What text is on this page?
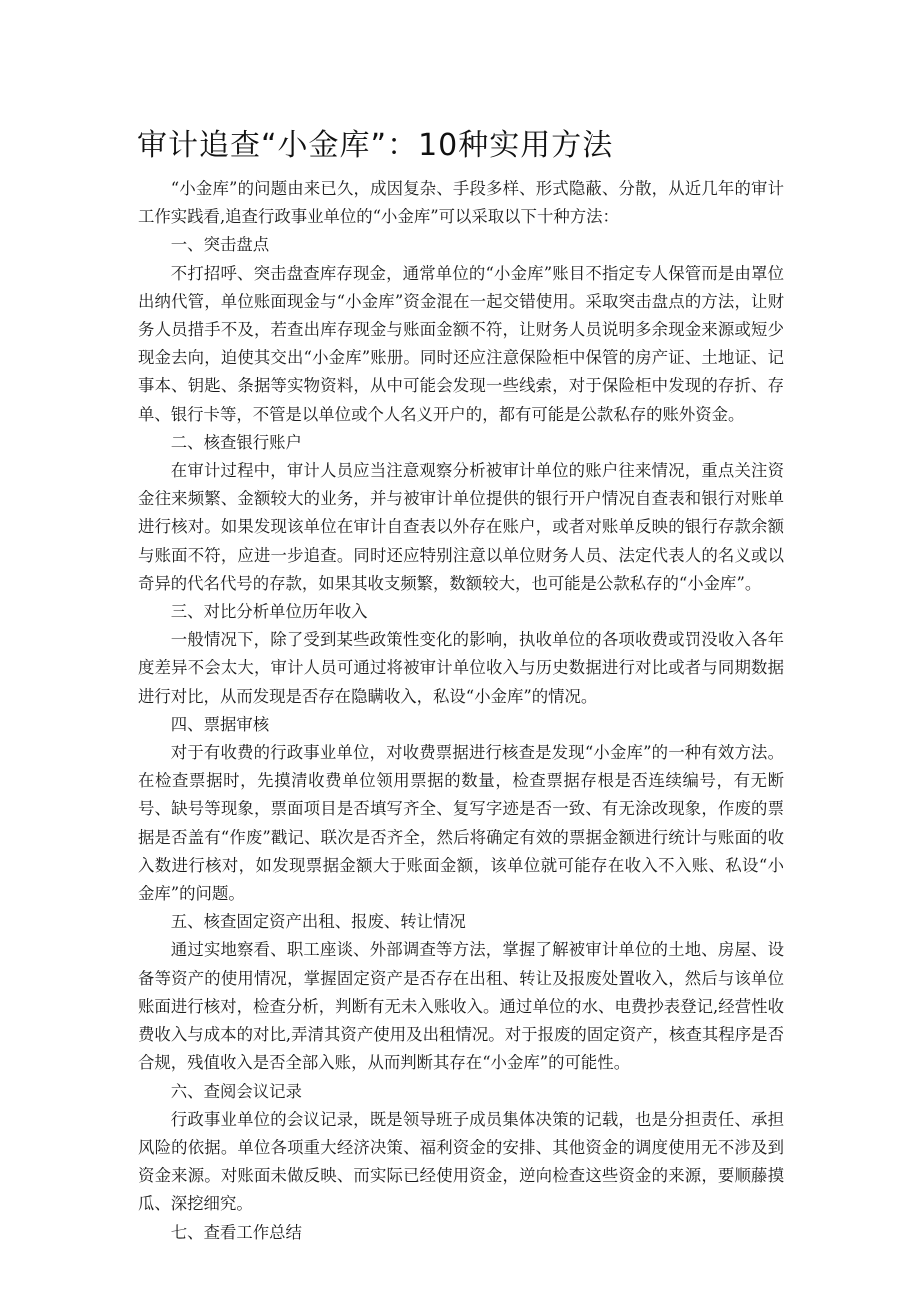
审计追查“小金库”：10种实用方法

“小金库”的问题由来已久，成因复杂、手段多样、形式隐蔽、分散，从近几年的审计工作实践看,追查行政事业单位的“小金库”可以采取以下十种方法：

一、突击盘点

不打招呼、突击盘查库存现金，通常单位的“小金库”账目不指定专人保管而是由罩位出纳代管，单位账面现金与“小金库”资金混在一起交错使用。采取突击盘点的方法，让财务人员措手不及，若查出库存现金与账面金额不符，让财务人员说明多余现金来源或短少现金去向，迫使其交出“小金库”账册。同时还应注意保险柜中保管的房产证、土地证、记事本、钥匙、条据等实物资料，从中可能会发现一些线索，对于保险柜中发现的存折、存单、银行卡等，不管是以单位或个人名义开户的，都有可能是公款私存的账外资金。

二、核查银行账户

在审计过程中，审计人员应当注意观察分析被审计单位的账户往来情况，重点关注资金往来频繁、金额较大的业务，并与被审计单位提供的银行开户情况自查表和银行对账单进行核对。如果发现该单位在审计自查表以外存在账户，或者对账单反映的银行存款余额与账面不符，应进一步追查。同时还应特别注意以单位财务人员、法定代表人的名义或以奇异的代名代号的存款，如果其收支频繁，数额较大，也可能是公款私存的“小金库”。

三、对比分析单位历年收入

一般情况下，除了受到某些政策性变化的影响，执收单位的各项收费或罚没收入各年度差异不会太大，审计人员可通过将被审计单位收入与历史数据进行对比或者与同期数据进行对比，从而发现是否存在隐瞒收入，私设“小金库”的情况。

四、票据审核

对于有收费的行政事业单位，对收费票据进行核查是发现“小金库”的一种有效方法。在检查票据时，先摸清收费单位领用票据的数量，检查票据存根是否连续编号，有无断号、缺号等现象，票面项目是否填写齐全、复写字迹是否一致、有无涂改现象，作废的票据是否盖有“作废”戳记、联次是否齐全，然后将确定有效的票据金额进行统计与账面的收入数进行核对，如发现票据金额大于账面金额，该单位就可能存在收入不入账、私设“小金库”的问题。

五、核查固定资产出租、报废、转让情况

通过实地察看、职工座谈、外部调查等方法，掌握了解被审计单位的土地、房屋、设备等资产的使用情况，掌握固定资产是否存在出租、转让及报废处置收入，然后与该单位账面进行核对，检查分析，判断有无未入账收入。通过单位的水、电费抄表登记,经营性收费收入与成本的对比,弄清其资产使用及出租情况。对于报废的固定资产，核查其程序是否合规，残值收入是否全部入账，从而判断其存在“小金库”的可能性。

六、查阅会议记录

行政事业单位的会议记录，既是领导班子成员集体决策的记载，也是分担责任、承担风险的依据。单位各项重大经济决策、福利资金的安排、其他资金的调度使用无不涉及到资金来源。对账面未做反映、而实际已经使用资金，逆向检查这些资金的来源，要顺藤摸瓜、深挖细究。

七、查看工作总结
